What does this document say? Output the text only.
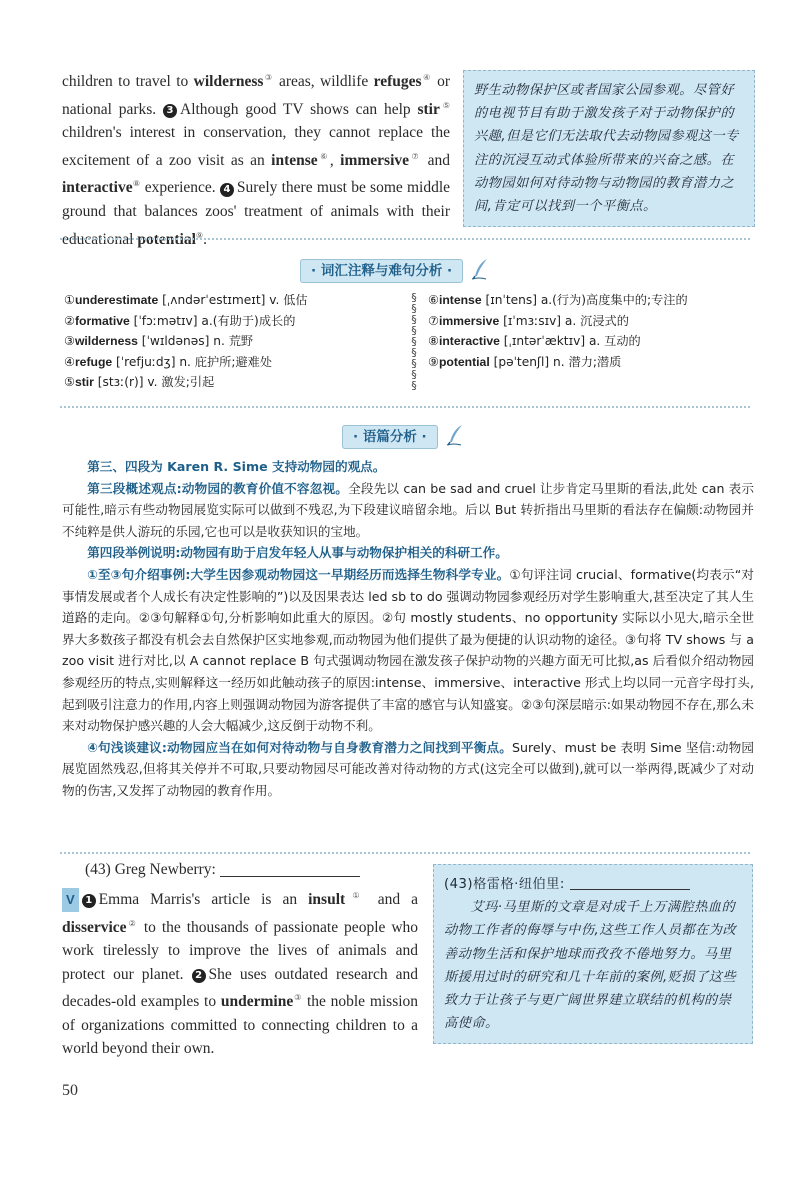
children to travel to wilderness③ areas, wildlife refuges④ or national parks. 3 Although good TV shows can help stir⑤ children's interest in conservation, they cannot replace the excitement of a zoo visit as an intense⑥, immersive⑦ and interactive⑧ experience. 4 Surely there must be some middle ground that balances zoos' treatment of animals with their educational potential⑨.
野生动物保护区或者国家公园参观。尽管好的电视节目有助于激发孩子对于动物保护的兴趣,但是它们无法取代去动物园参观这一专注的沉浸互动式体验所带来的兴奋之感。在动物园如何对待动物与动物园的教育潜力之间,肯定可以找到一个平衡点。
· 词汇注释与难句分析 ·
①underestimate [ˌʌndərˈestɪmeɪt] v. 低估
②formative [ˈfɔːmətɪv] a.(有助于)成长的
③wilderness [ˈwɪldənəs] n. 荒野
④refuge [ˈrefjuːdʒ] n. 庇护所;避难处
⑤stir [stɜː(r)] v. 激发;引起
§
§
§
§
§
§
§
§
§
⑥intense [ɪnˈtens] a.(行为)高度集中的;专注的
⑦immersive [ɪˈmɜːsɪv] a. 沉浸式的
⑧interactive [ˌɪntərˈæktɪv] a. 互动的
⑨potential [pəˈtenʃl] n. 潜力;潜质
· 语篇分析 ·
第三、四段为 Karen R. Sime 支持动物园的观点。
第三段概述观点:动物园的教育价值不容忽视。全段先以 can be sad and cruel 让步肯定马里斯的看法,此处 can 表示可能性,暗示有些动物园展览实际可以做到不残忍,为下段建议暗留余地。后以 But 转折指出马里斯的看法存在偏颇:动物园并不纯粹是供人游玩的乐园,它也可以是收获知识的宝地。
第四段举例说明:动物园有助于启发年轻人从事与动物保护相关的科研工作。
①至③句介绍事例:大学生因参观动物园这一早期经历而选择生物科学专业。①句评注词 crucial、formative(均表示“对事情发展或者个人成长有决定性影响的”)以及因果表达 led sb to do 强调动物园参观经历对学生影响重大,甚至决定了其人生道路的走向。②③句解释①句,分析影响如此重大的原因。②句 mostly students、no opportunity 实际以小见大,暗示全世界大多数孩子都没有机会去自然保护区实地参观,而动物园为他们提供了最为便捷的认识动物的途径。③句将 TV shows 与 a zoo visit 进行对比,以 A cannot replace B 句式强调动物园在激发孩子保护动物的兴趣方面无可比拟,as 后看似介绍动物园参观经历的特点,实则解释这一经历如此触动孩子的原因:intense、immersive、interactive 形式上均以同一元音字母打头,起到吸引注意力的作用,内容上则强调动物园为游客提供了丰富的感官与认知盛宴。②③句深层暗示:如果动物园不存在,那么未来对动物保护感兴趣的人会大幅减少,这反倒于动物不利。
④句浅谈建议:动物园应当在如何对待动物与自身教育潜力之间找到平衡点。Surely、must be 表明 Sime 坚信:动物园展览固然残忍,但将其关停并不可取,只要动物园尽可能改善对待动物的方式(这完全可以做到),就可以一举两得,既减少了对动物的伤害,又发挥了动物园的教育作用。
(43) Greg Newberry:
V 1 Emma Marris's article is an insult① and a disservice② to the thousands of passionate people who work tirelessly to improve the lives of animals and protect our planet. 2 She uses outdated research and decades-old examples to undermine③ the noble mission of organizations committed to connecting children to a world beyond their own.
(43)格雷格·纽伯里:
艾玛·马里斯的文章是对成千上万满腔热血的动物工作者的侮辱与中伤,这些工作人员都在为改善动物生活和保护地球而孜孜不倦地努力。马里斯援用过时的研究和几十年前的案例,贬损了这些致力于让孩子与更广阔世界建立联结的机构的崇高使命。
50
